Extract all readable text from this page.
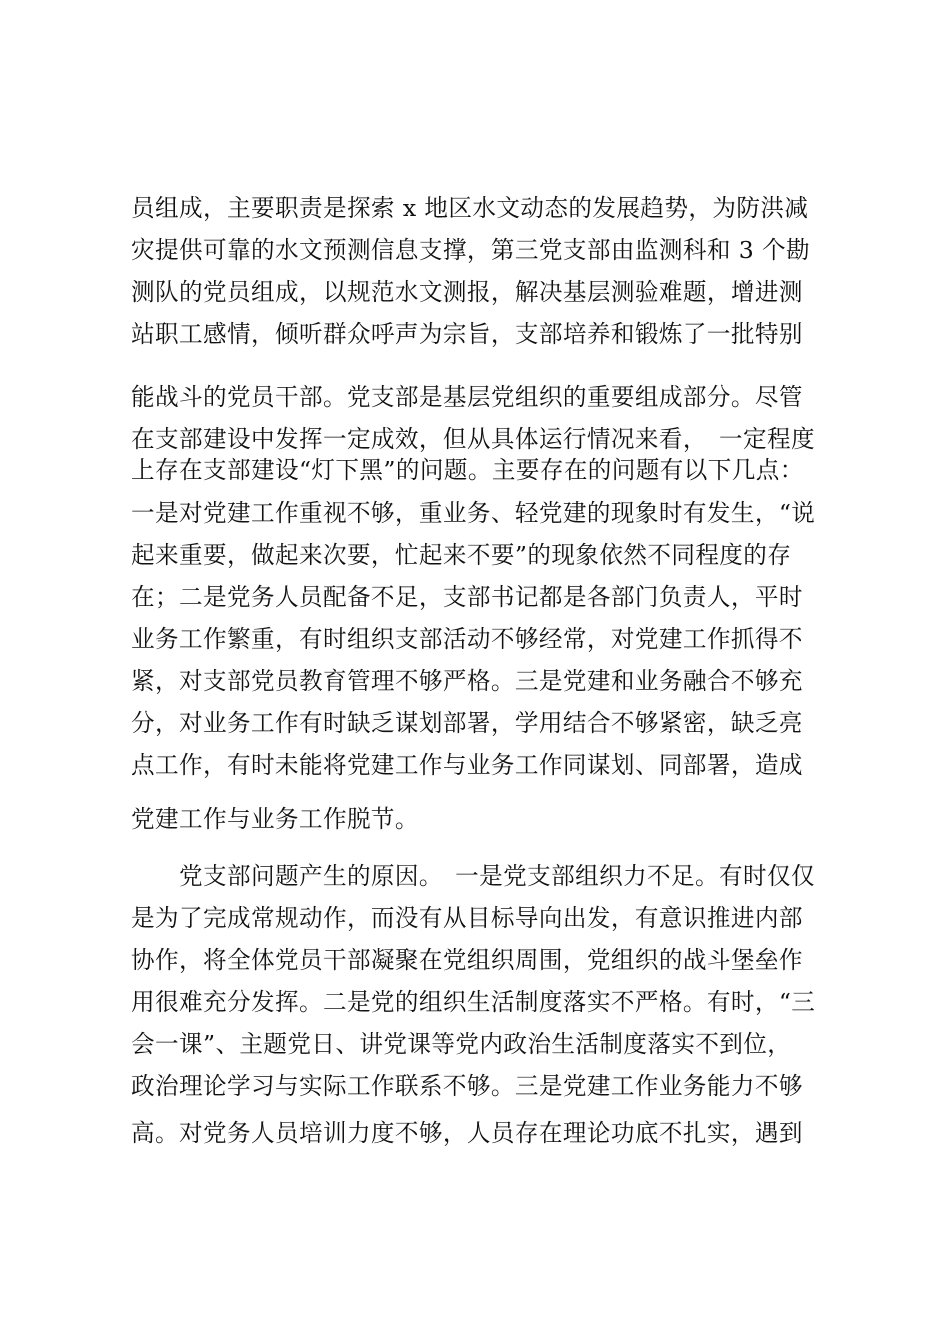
员组成，主要职责是探索 x 地区水文动态的发展趋势，为防洪减
灾提供可靠的水文预测信息支撑，第三党支部由监测科和 3 个勘
测队的党员组成，以规范水文测报，解决基层测验难题，增进测
站职工感情，倾听群众呼声为宗旨，支部培养和锻炼了一批特别
能战斗的党员干部。党支部是基层党组织的重要组成部分。尽管
在支部建设中发挥一定成效，但从具体运行情况来看，　一定程度
上存在支部建设“灯下黑”的问题。主要存在的问题有以下几点：
一是对党建工作重视不够，重业务、轻党建的现象时有发生，“说
起来重要，做起来次要，忙起来不要”的现象依然不同程度的存
在；二是党务人员配备不足，支部书记都是各部门负责人，平时
业务工作繁重，有时组织支部活动不够经常，对党建工作抓得不
紧，对支部党员教育管理不够严格。三是党建和业务融合不够充
分，对业务工作有时缺乏谋划部署，学用结合不够紧密，缺乏亮
点工作，有时未能将党建工作与业务工作同谋划、同部署，造成
党建工作与业务工作脱节。
　　党支部问题产生的原因。　一是党支部组织力不足。有时仅仅
是为了完成常规动作，而没有从目标导向出发，有意识推进内部
协作，将全体党员干部凝聚在党组织周围，党组织的战斗堡垒作
用很难充分发挥。二是党的组织生活制度落实不严格。有时，“三
会一课”、主题党日、讲党课等党内政治生活制度落实不到位，
政治理论学习与实际工作联系不够。三是党建工作业务能力不够
高。对党务人员培训力度不够，人员存在理论功底不扎实，遇到
